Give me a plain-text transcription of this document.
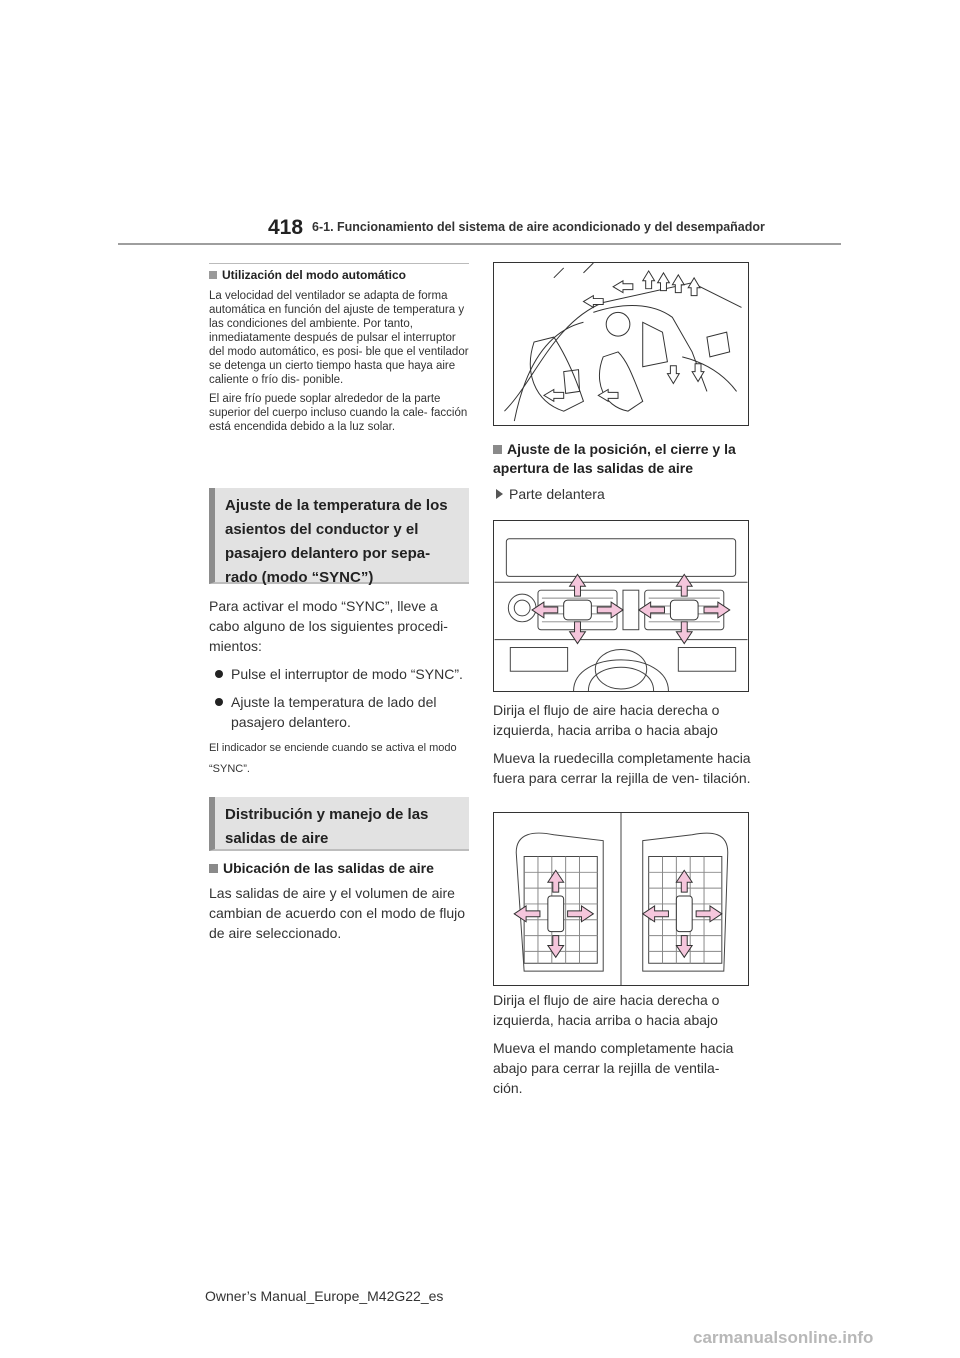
418 6-1. Funcionamiento del sistema de aire acondicionado y del desempañador
Utilización del modo automático

La velocidad del ventilador se adapta de forma automática en función del ajuste de temperatura y las condiciones del ambiente. Por tanto, inmediatamente después de pulsar el interruptor del modo automático, es posi- ble que el ventilador se detenga un cierto tiempo hasta que haya aire caliente o frío dis- ponible.

El aire frío puede soplar alrededor de la parte superior del cuerpo incluso cuando la cale- facción está encendida debido a la luz solar.

Ajuste de la temperatura de los
asientos del conductor y el
pasajero delantero por sepa-
rado (modo “SYNC”)

Para activar el modo “SYNC”, lleve a cabo alguno de los siguientes procedi- mientos:

Pulse el interruptor de modo “SYNC”.

Ajuste la temperatura de lado del pasajero delantero.

El indicador se enciende cuando se activa el modo “SYNC”.

Distribución y manejo de las
salidas de aire
Ubicación de las salidas de aire

Las salidas de aire y el volumen de aire cambian de acuerdo con el modo de flujo de aire seleccionado.

Ajuste de la posición, el cierre y la apertura de las salidas de aire

Parte delantera

Dirija el flujo de aire hacia derecha o izquierda, hacia arriba o hacia abajo

Mueva la ruedecilla completamente hacia fuera para cerrar la rejilla de ven- tilación.

Dirija el flujo de aire hacia derecha o izquierda, hacia arriba o hacia abajo

Mueva el mando completamente hacia abajo para cerrar la rejilla de ventila- ción.

Owner’s Manual_Europe_M42G22_es
carmanualsonline.info
